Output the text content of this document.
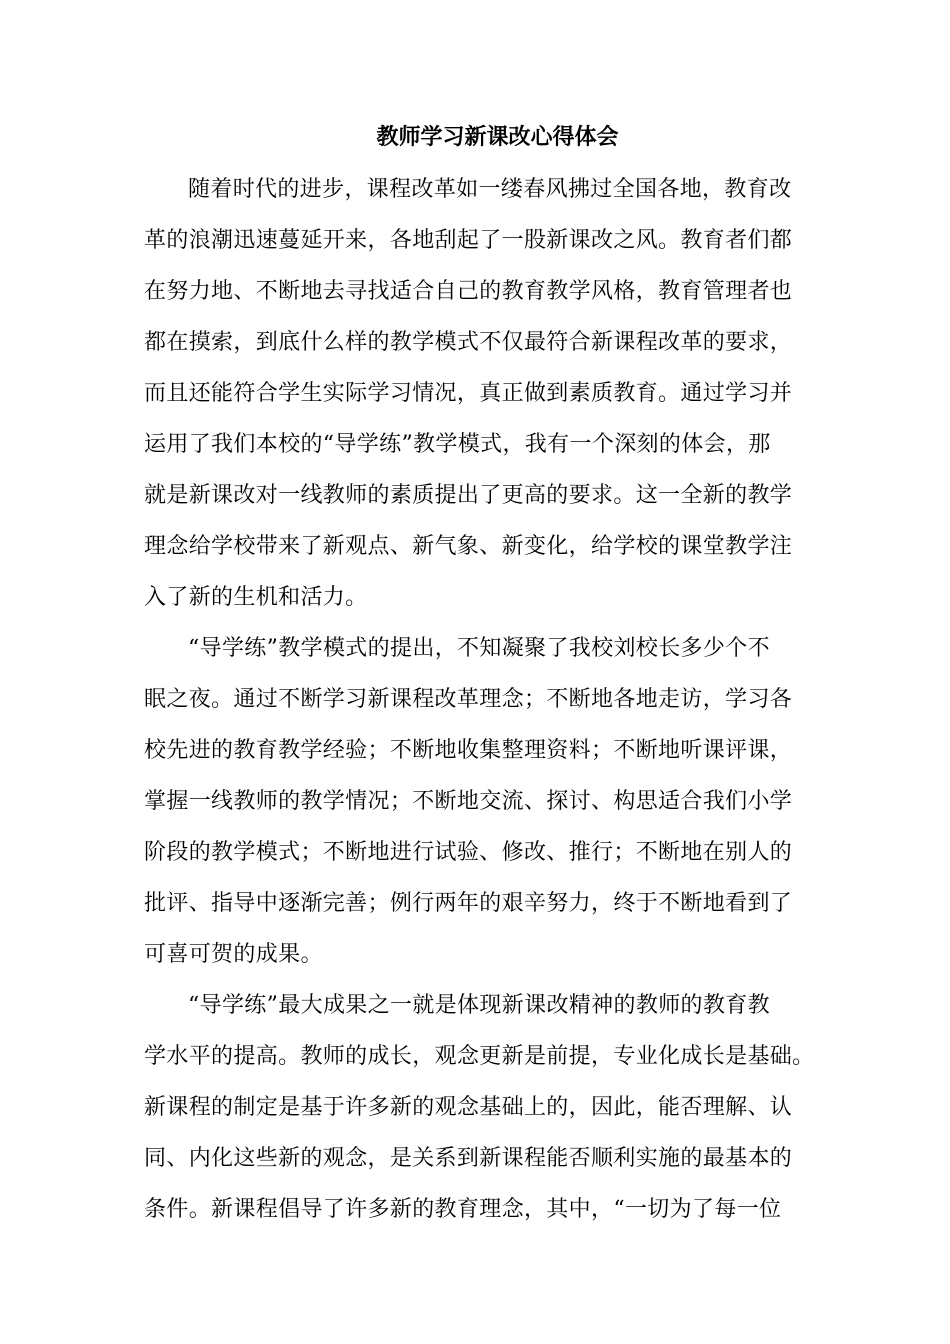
教师学习新课改心得体会
随着时代的进步，课程改革如一缕春风拂过全国各地，教育改
革的浪潮迅速蔓延开来，各地刮起了一股新课改之风。教育者们都
在努力地、不断地去寻找适合自己的教育教学风格，教育管理者也
都在摸索，到底什么样的教学模式不仅最符合新课程改革的要求，
而且还能符合学生实际学习情况，真正做到素质教育。通过学习并
运用了我们本校的“导学练”教学模式，我有一个深刻的体会，那
就是新课改对一线教师的素质提出了更高的要求。这一全新的教学
理念给学校带来了新观点、新气象、新变化，给学校的课堂教学注
入了新的生机和活力。
“导学练”教学模式的提出，不知凝聚了我校刘校长多少个不
眠之夜。通过不断学习新课程改革理念；不断地各地走访，学习各
校先进的教育教学经验；不断地收集整理资料；不断地听课评课，
掌握一线教师的教学情况；不断地交流、探讨、构思适合我们小学
阶段的教学模式；不断地进行试验、修改、推行；不断地在别人的
批评、指导中逐渐完善；例行两年的艰辛努力，终于不断地看到了
可喜可贺的成果。
“导学练”最大成果之一就是体现新课改精神的教师的教育教
学水平的提高。教师的成长，观念更新是前提，专业化成长是基础。
新课程的制定是基于许多新的观念基础上的，因此，能否理解、认
同、内化这些新的观念，是关系到新课程能否顺利实施的最基本的
条件。新课程倡导了许多新的教育理念，其中，“一切为了每一位
